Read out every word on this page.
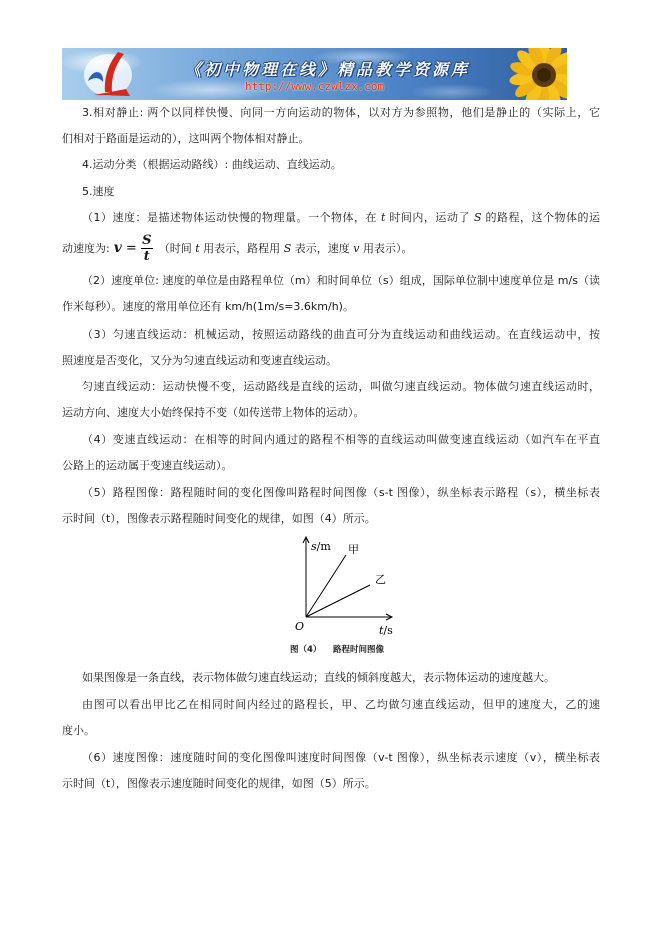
《初中物理在线》精品教学资源库
http://www.czwlzx.com
3.相对静止: 两个以同样快慢、向同一方向运动的物体，以对方为参照物，他们是静止的（实际上，它
们相对于路面是运动的），这叫两个物体相对静止。
4.运动分类（根据运动路线）: 曲线运动、直线运动。
5.速度
（1）速度：是描述物体运动快慢的物理量。一个物体，在 t 时间内，运动了 S 的路程，这个物体的运
动速度为: $v = \frac{S}{t}$ （时间 t 用表示，路程用 S 表示，速度 v 用表示）。
（2）速度单位: 速度的单位是由路程单位（m）和时间单位（s）组成，国际单位制中速度单位是 m/s（读
作米每秒）。速度的常用单位还有 km/h(1m/s=3.6km/h)。
（3）匀速直线运动：机械运动，按照运动路线的曲直可分为直线运动和曲线运动。在直线运动中，按
照速度是否变化，又分为匀速直线运动和变速直线运动。
匀速直线运动：运动快慢不变，运动路线是直线的运动，叫做匀速直线运动。物体做匀速直线运动时，
运动方向、速度大小始终保持不变（如传送带上物体的运动）。
（4）变速直线运动：在相等的时间内通过的路程不相等的直线运动叫做变速直线运动（如汽车在平直
公路上的运动属于变速直线运动）。
（5）路程图像：路程随时间的变化图像叫路程时间图像（s-t 图像），纵坐标表示路程（s），横坐标表
示时间（t），图像表示路程随时间变化的规律，如图（4）所示。
s/m 甲
乙
O	t/s
图（4） 路程时间图像
如果图像是一条直线，表示物体做匀速直线运动；直线的倾斜度越大，表示物体运动的速度越大。
由图可以看出甲比乙在相同时间内经过的路程长，甲、乙均做匀速直线运动，但甲的速度大，乙的速
度小。
（6）速度图像：速度随时间的变化图像叫速度时间图像（v-t 图像），纵坐标表示速度（v），横坐标表
示时间（t），图像表示速度随时间变化的规律，如图（5）所示。
